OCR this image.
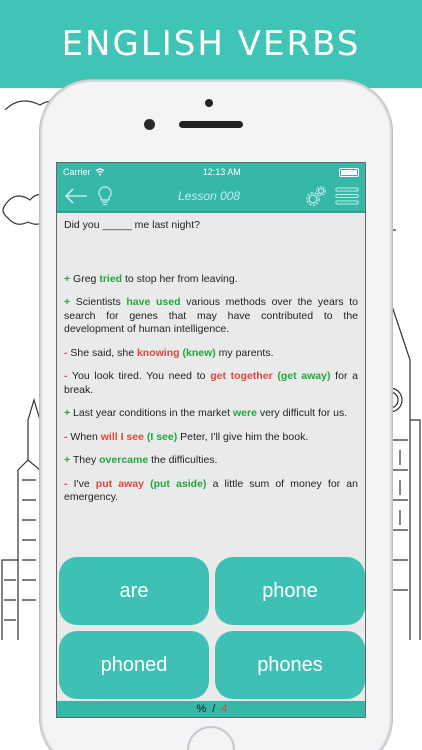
ENGLISH VERBS
Carrier	12:13 AM
Lesson 008

Did you _____ me last night?

+ Greg tried to stop her from leaving.

+ Scientists have used various methods over the years to search for genes that may have contributed to the development of human intelligence.

- She said, she knowing (knew) my parents.

- You look tired. You need to get together (get away) for a break.

+ Last year conditions in the market were very difficult for us.

- When will I see (I see) Peter, I'll give him the book.

+ They overcame the difficulties.

- I've put away (put aside) a little sum of money for an emergency.

are	phone
phoned	phones
% / 4
